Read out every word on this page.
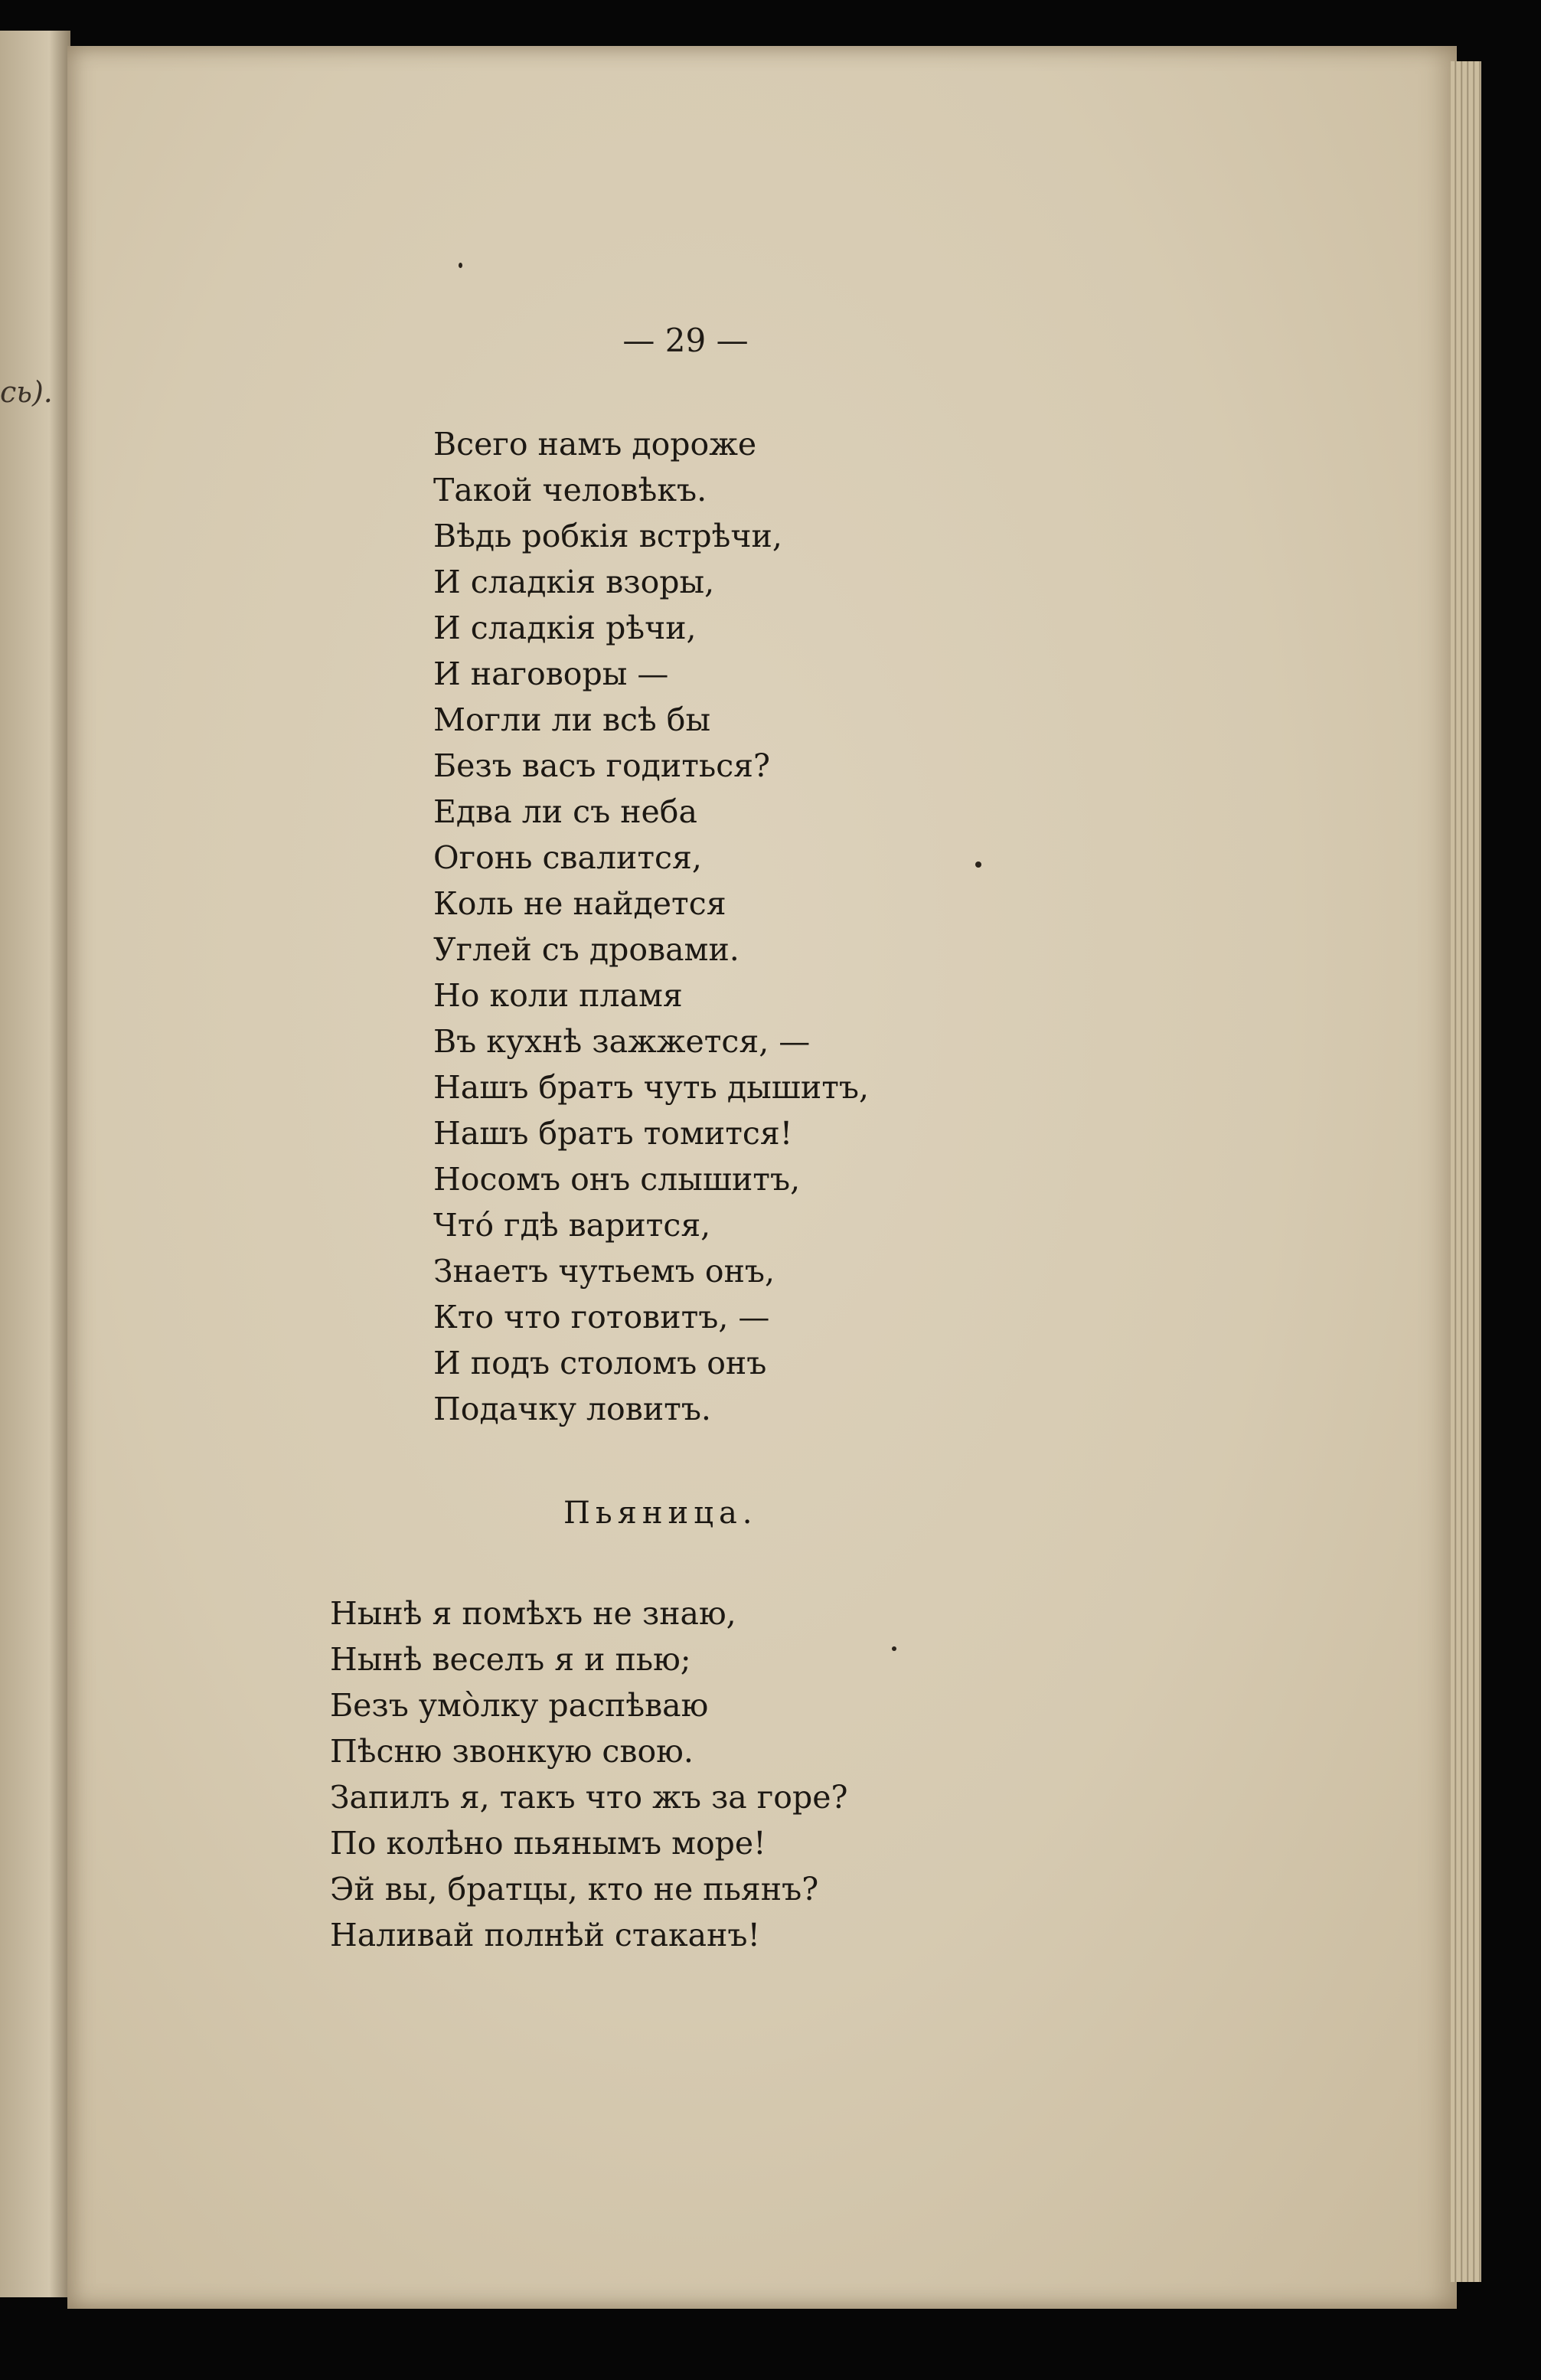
сь).
— 29 —
Всего намъ дороже
Такой человѣкъ.
Вѣдь робкія встрѣчи,
И сладкія взоры,
И сладкія рѣчи,
И наговоры —
Могли ли всѣ бы
Безъ васъ годиться?
Едва ли съ неба
Огонь свалится,
Коль не найдется
Углей съ дровами.
Но коли пламя
Въ кухнѣ зажжется, —
Нашъ братъ чуть дышитъ,
Нашъ братъ томится!
Носомъ онъ слышитъ,
Чтó гдѣ варится,
Знаетъ чутьемъ онъ,
Кто что готовитъ, —
И подъ столомъ онъ
Подачку ловитъ.
Пьяница.
Нынѣ я помѣхъ не знаю,
Нынѣ веселъ я и пью;
Безъ умòлку распѣваю
Пѣсню звонкую свою.
Запилъ я, такъ что жъ за горе?
По колѣно пьянымъ море!
Эй вы, братцы, кто не пьянъ?
Наливай полнѣй стаканъ!
